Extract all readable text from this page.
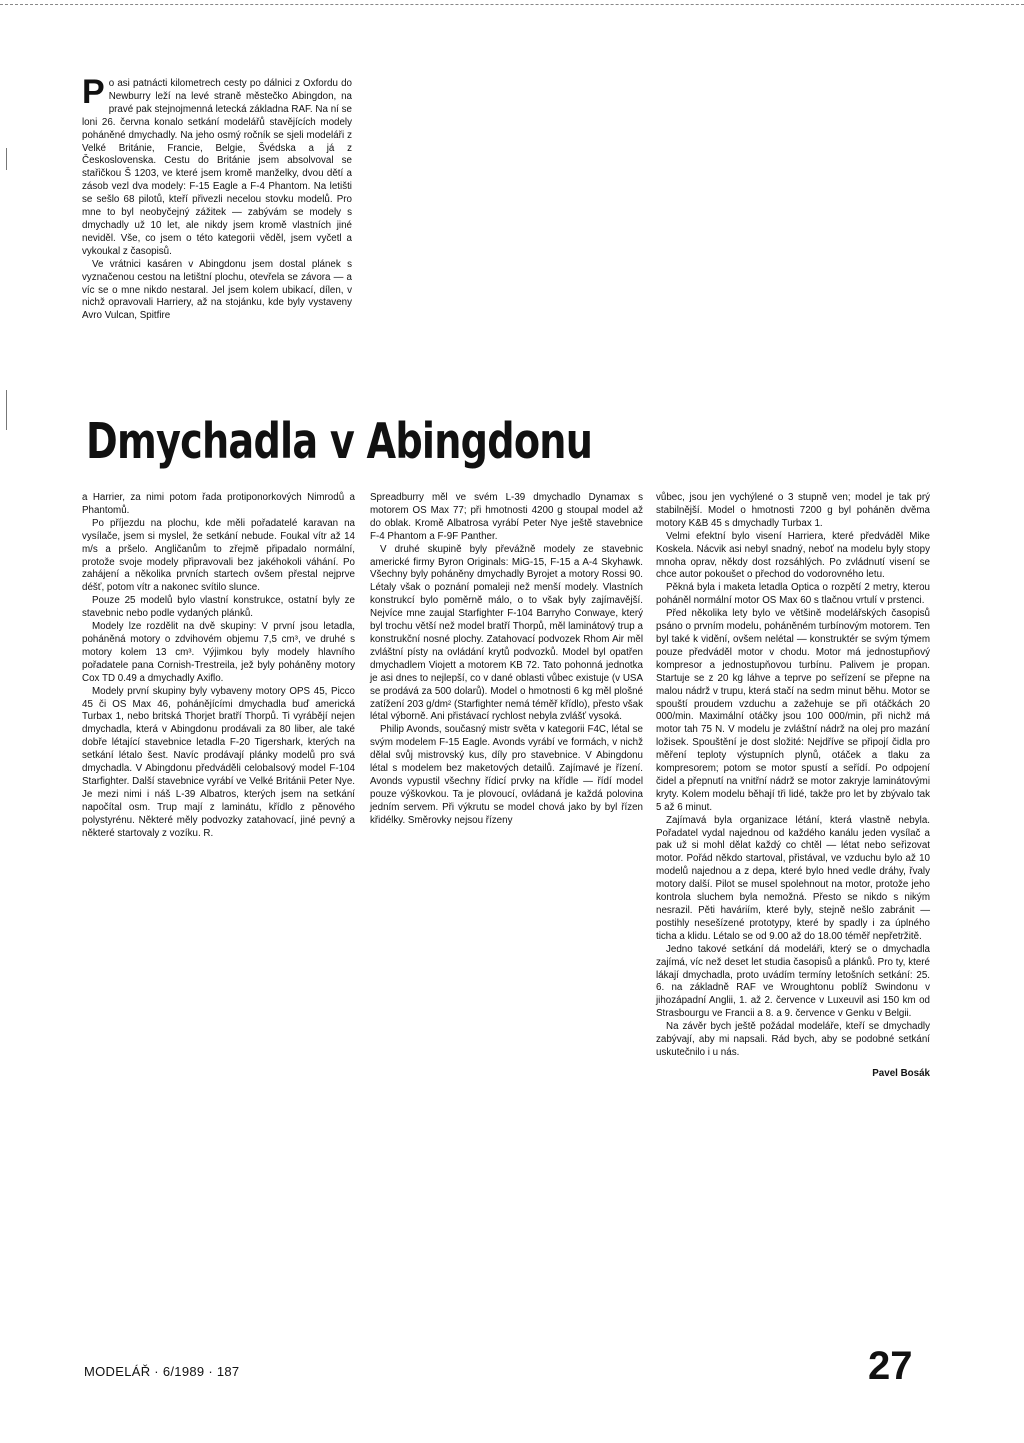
Po asi patnácti kilometrech cesty po dálnici z Oxfordu do Newburry leží na levé straně městečko Abingdon, na pravé pak stejnojmenná letecká základna RAF. Na ní se loni 26. června konalo setkání modelářů stavějících modely poháněné dmychadly. Na jeho osmý ročník se sjeli modeláři z Velké Británie, Francie, Belgie, Švédska a já z Československa. Cestu do Británie jsem absolvoval se stařičkou Š 1203, ve které jsem kromě manželky, dvou dětí a zásob vezl dva modely: F-15 Eagle a F-4 Phantom. Na letišti se sešlo 68 pilotů, kteří přivezli necelou stovku modelů. Pro mne to byl neobyčejný zážitek — zabývám se modely s dmychadly už 10 let, ale nikdy jsem kromě vlastních jiné neviděl. Vše, co jsem o této kategorii věděl, jsem vyčetl a vykoukal z časopisů.

Ve vrátnici kasáren v Abingdonu jsem dostal plánek s vyznačenou cestou na letištní plochu, otevřela se závora — a víc se o mne nikdo nestaral. Jel jsem kolem ubikací, dílen, v nichž opravovali Harriery, až na stojánku, kde byly vystaveny Avro Vulcan, Spitfire

Dmychadla v Abingdonu

a Harrier, za nimi potom řada protiponorkových Nimrodů a Phantomů.

Po příjezdu na plochu, kde měli pořadatelé karavan na vysílače, jsem si myslel, že setkání nebude. Foukal vítr až 14 m/s a pršelo. Angličanům to zřejmě připadalo normální, protože svoje modely připravovali bez jakéhokoli váhání. Po zahájení a několika prvních startech ovšem přestal nejprve déšť, potom vítr a nakonec svítilo slunce.

Pouze 25 modelů bylo vlastní konstrukce, ostatní byly ze stavebnic nebo podle vydaných plánků.

Modely lze rozdělit na dvě skupiny: V první jsou letadla, poháněná motory o zdvihovém objemu 7,5 cm³, ve druhé s motory kolem 13 cm³. Výjimkou byly modely hlavního pořadatele pana Cornish-Trestreila, jež byly poháněny motory Cox TD 0.49 a dmychadly Axiflo.

Modely první skupiny byly vybaveny motory OPS 45, Picco 45 či OS Max 46, pohánějícími dmychadla buď americká Turbax 1, nebo britská Thorjet bratří Thorpů. Ti vyrábějí nejen dmychadla, která v Abingdonu prodávali za 80 liber, ale také dobře létající stavebnice letadla F-20 Tigershark, kterých na setkání létalo šest. Navíc prodávají plánky modelů pro svá dmychadla. V Abingdonu předváděli celobalsový model F-104 Starfighter. Další stavebnice vyrábí ve Velké Británii Peter Nye. Je mezi nimi i náš L-39 Albatros, kterých jsem na setkání napočítal osm. Trup mají z laminátu, křídlo z pěnového polystyrénu. Některé měly podvozky zatahovací, jiné pevný a některé startovaly z vozíku. R.

Spreadburry měl ve svém L-39 dmychadlo Dynamax s motorem OS Max 77; při hmotnosti 4200 g stoupal model až do oblak. Kromě Albatrosa vyrábí Peter Nye ještě stavebnice F-4 Phantom a F-9F Panther.

V druhé skupině byly převážně modely ze stavebnic americké firmy Byron Originals: MiG-15, F-15 a A-4 Skyhawk. Všechny byly poháněny dmychadly Byrojet a motory Rossi 90. Létaly však o poznání pomaleji než menší modely. Vlastních konstrukcí bylo poměrně málo, o to však byly zajímavější. Nejvíce mne zaujal Starfighter F-104 Barryho Conwaye, který byl trochu větší než model bratří Thorpů, měl laminátový trup a konstrukční nosné plochy. Zatahovací podvozek Rhom Air měl zvláštní písty na ovládání krytů podvozků. Model byl opatřen dmychadlem Viojett a motorem KB 72. Tato pohonná jednotka je asi dnes to nejlepší, co v dané oblasti vůbec existuje (v USA se prodává za 500 dolarů). Model o hmotnosti 6 kg měl plošné zatížení 203 g/dm² (Starfighter nemá téměř křídlo), přesto však létal výborně. Ani přistávací rychlost nebyla zvlášť vysoká.

Philip Avonds, současný mistr světa v kategorii F4C, létal se svým modelem F-15 Eagle. Avonds vyrábí ve formách, v nichž dělal svůj mistrovský kus, díly pro stavebnice. V Abingdonu létal s modelem bez maketových detailů. Zajímavé je řízení. Avonds vypustil všechny řídicí prvky na křídle — řídí model pouze výškovkou. Ta je plovoucí, ovládaná je každá polovina jedním servem. Při výkrutu se model chová jako by byl řízen křidélky. Směrovky nejsou řízeny

vůbec, jsou jen vychýlené o 3 stupně ven; model je tak prý stabilnější. Model o hmotnosti 7200 g byl poháněn dvěma motory K&B 45 s dmychadly Turbax 1.

Velmi efektní bylo visení Harriera, které předváděl Mike Koskela. Nácvik asi nebyl snadný, neboť na modelu byly stopy mnoha oprav, někdy dost rozsáhlých. Po zvládnutí visení se chce autor pokoušet o přechod do vodorovného letu.

Pěkná byla i maketa letadla Optica o rozpětí 2 metry, kterou poháněl normální motor OS Max 60 s tlačnou vrtulí v prstenci.

Před několika lety bylo ve většině modelářských časopisů psáno o prvním modelu, poháněném turbínovým motorem. Ten byl také k vidění, ovšem nelétal — konstruktér se svým týmem pouze předváděl motor v chodu. Motor má jednostupňový kompresor a jednostupňovou turbínu. Palivem je propan. Startuje se z 20 kg láhve a teprve po seřízení se přepne na malou nádrž v trupu, která stačí na sedm minut běhu. Motor se spouští proudem vzduchu a zažehuje se při otáčkách 20 000/min. Maximální otáčky jsou 100 000/min, při nichž má motor tah 75 N. V modelu je zvláštní nádrž na olej pro mazání ložisek. Spouštění je dost složité: Nejdříve se připojí čidla pro měření teploty výstupních plynů, otáček a tlaku za kompresorem; potom se motor spustí a seřídí. Po odpojení čidel a přepnutí na vnitřní nádrž se motor zakryje laminátovými kryty. Kolem modelu běhají tři lidé, takže pro let by zbývalo tak 5 až 6 minut.

Zajímavá byla organizace létání, která vlastně nebyla. Pořadatel vydal najednou od každého kanálu jeden vysílač a pak už si mohl dělat každý co chtěl — létat nebo seřizovat motor. Pořád někdo startoval, přistával, ve vzduchu bylo až 10 modelů najednou a z depa, které bylo hned vedle dráhy, řvaly motory další. Pilot se musel spolehnout na motor, protože jeho kontrola sluchem byla nemožná. Přesto se nikdo s nikým nesrazil. Pěti haváriím, které byly, stejně nešlo zabránit — postihly nesešízené prototypy, které by spadly i za úplného ticha a klidu. Létalo se od 9.00 až do 18.00 téměř nepřetržitě.

Jedno takové setkání dá modeláři, který se o dmychadla zajímá, víc než deset let studia časopisů a plánků. Pro ty, které lákají dmychadla, proto uvádím termíny letošních setkání: 25. 6. na základně RAF ve Wroughtonu poblíž Swindonu v jihozápadní Anglii, 1. až 2. července v Luxeuvil asi 150 km od Strasbourgu ve Francii a 8. a 9. července v Genku v Belgii.

Na závěr bych ještě požádal modeláře, kteří se dmychadly zabývají, aby mi napsali. Rád bych, aby se podobné setkání uskutečnilo i u nás.

Pavel Bosák

MODELÁŘ · 6/1989 · 187	27
